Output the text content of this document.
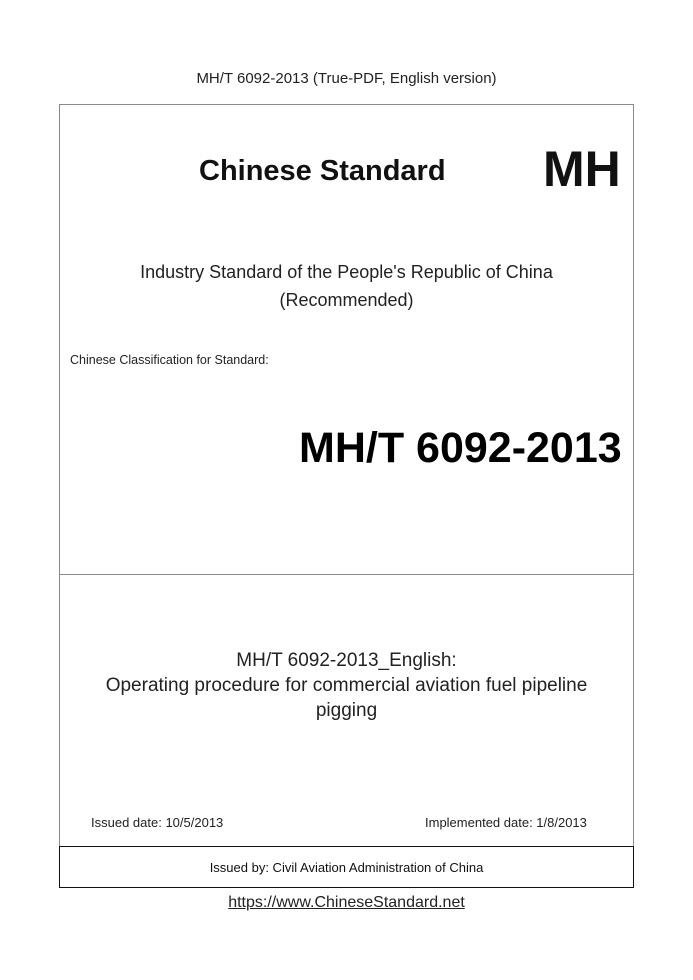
MH/T 6092-2013 (True-PDF, English version)
Chinese Standard MH
Industry Standard of the People's Republic of China
(Recommended)
Chinese Classification for Standard:
MH/T 6092-2013
MH/T 6092-2013_English:
Operating procedure for commercial aviation fuel pipeline
pigging
Issued date: 10/5/2013	Implemented date: 1/8/2013
Issued by: Civil Aviation Administration of China
https://www.ChineseStandard.net
